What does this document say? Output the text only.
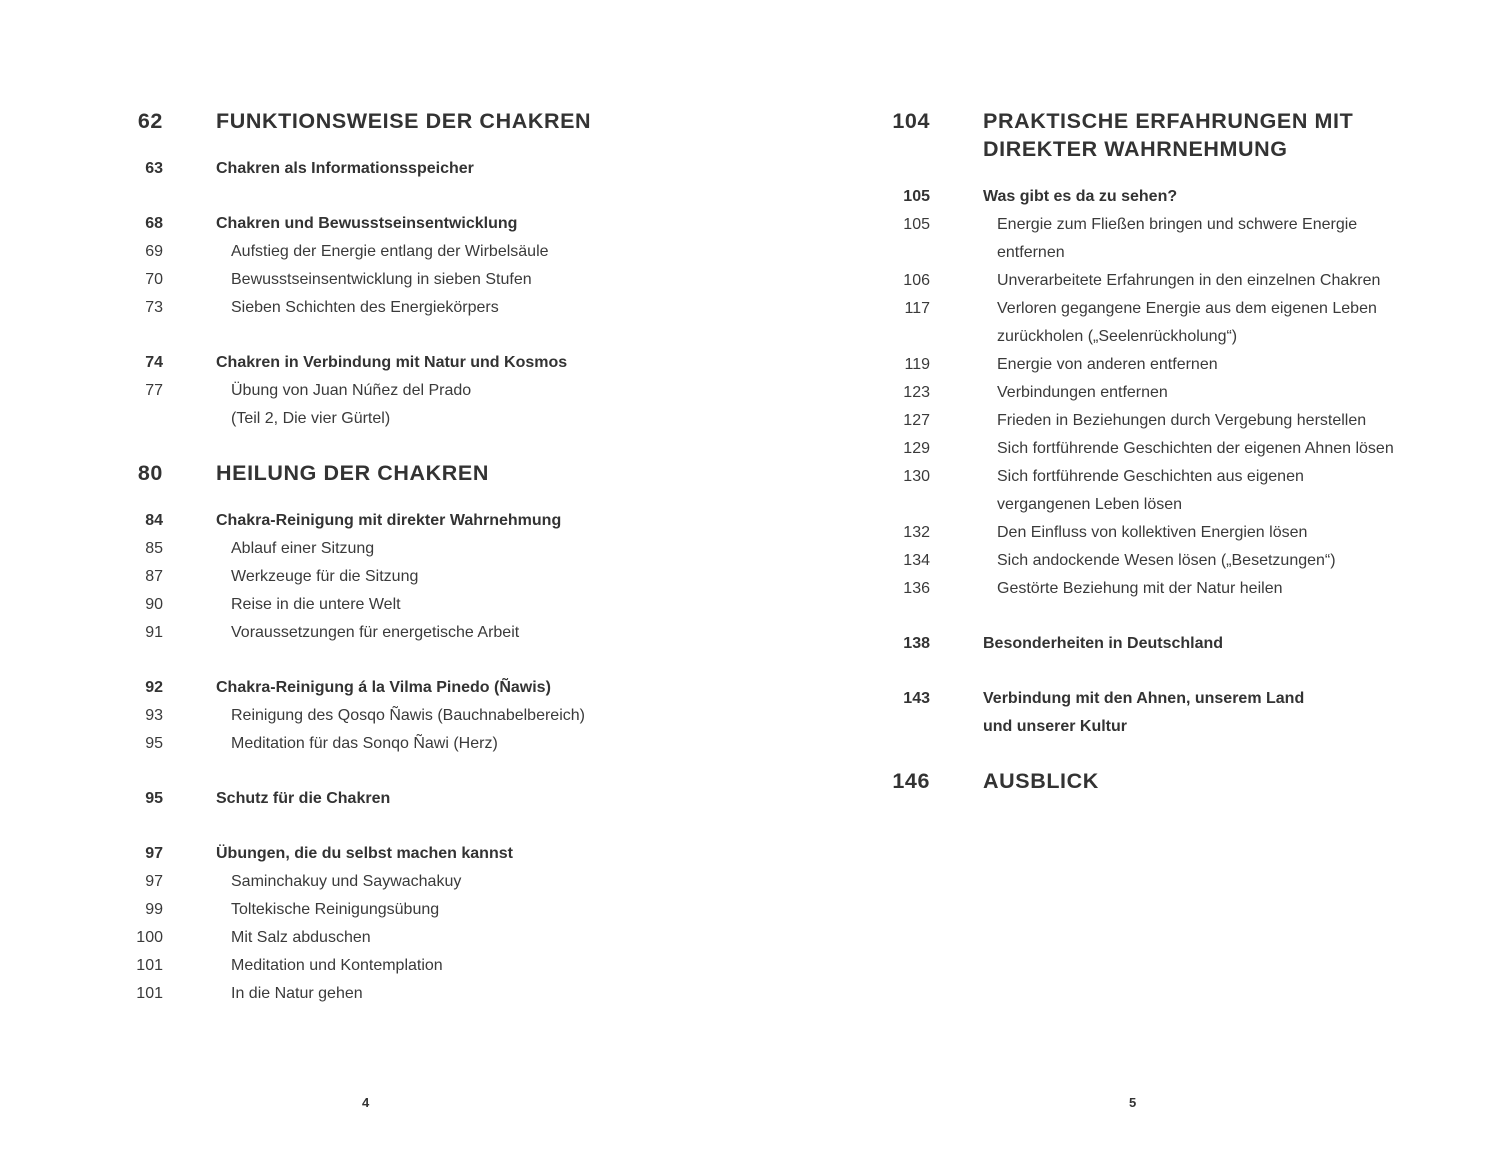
62 FUNKTIONSWEISE DER CHAKREN
63	Chakren als Informationsspeicher
68	Chakren und Bewusstseinsentwicklung
69	Aufstieg der Energie entlang der Wirbelsäule
70	Bewusstseinsentwicklung in sieben Stufen
73	Sieben Schichten des Energiekörpers
74	Chakren in Verbindung mit Natur und Kosmos
77	Übung von Juan Núñez del Prado
(Teil 2, Die vier Gürtel)
80 HEILUNG DER CHAKREN
84	Chakra-Reinigung mit direkter Wahrnehmung
85	Ablauf einer Sitzung
87	Werkzeuge für die Sitzung
90	Reise in die untere Welt
91	Voraussetzungen für energetische Arbeit
92	Chakra-Reinigung á la Vilma Pinedo (Ñawis)
93	Reinigung des Qosqo Ñawis (Bauchnabelbereich)
95	Meditation für das Sonqo Ñawi (Herz)
95	Schutz für die Chakren
97	Übungen, die du selbst machen kannst
97	Saminchakuy und Saywachakuy
99	Toltekische Reinigungsübung
100	Mit Salz abduschen
101	Meditation und Kontemplation
101	In die Natur gehen
4
104 PRAKTISCHE ERFAHRUNGEN MIT
DIREKTER WAHRNEHMUNG
105	Was gibt es da zu sehen?
105	Energie zum Fließen bringen und schwere Energie
entfernen
106	Unverarbeitete Erfahrungen in den einzelnen Chakren
117	Verloren gegangene Energie aus dem eigenen Leben
zurückholen („Seelenrückholung“)
119	Energie von anderen entfernen
123	Verbindungen entfernen
127	Frieden in Beziehungen durch Vergebung herstellen
129	Sich fortführende Geschichten der eigenen Ahnen lösen
130	Sich fortführende Geschichten aus eigenen
vergangenen Leben lösen
132	Den Einfluss von kollektiven Energien lösen
134	Sich andockende Wesen lösen („Besetzungen“)
136	Gestörte Beziehung mit der Natur heilen
138	Besonderheiten in Deutschland
143	Verbindung mit den Ahnen, unserem Land
und unserer Kultur
146 AUSBLICK
5
